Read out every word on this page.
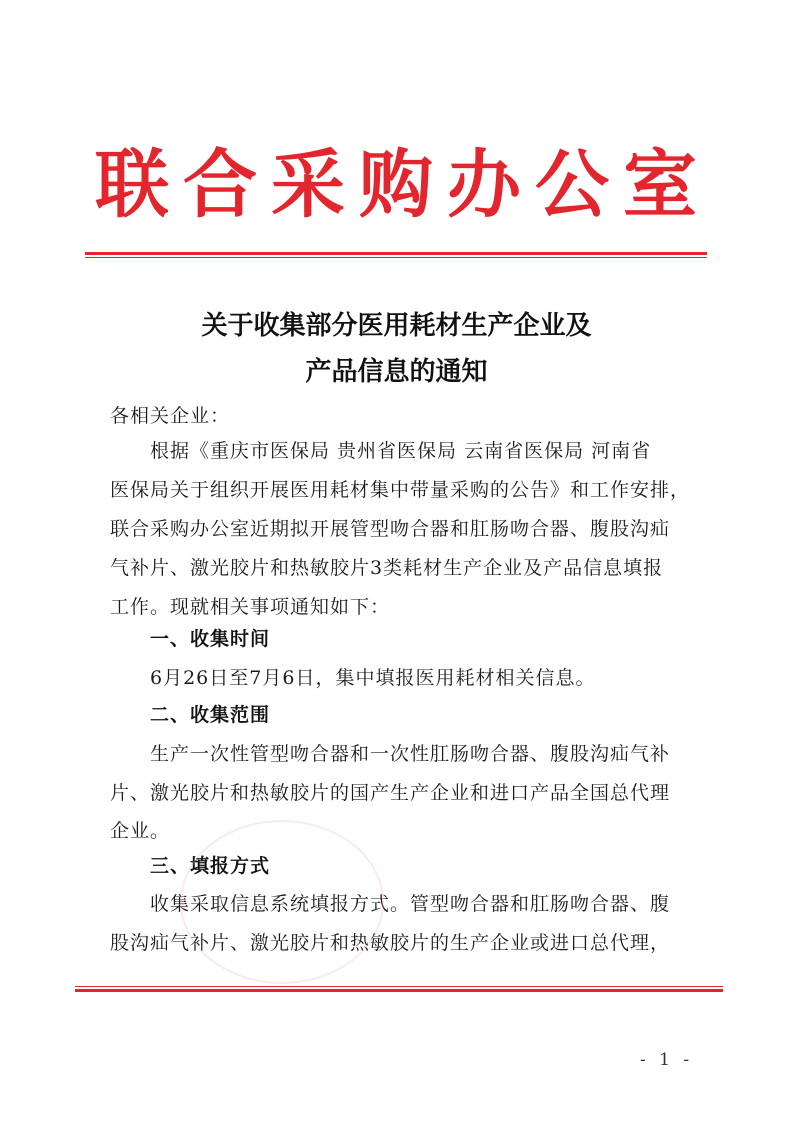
联合采购办公室
关于收集部分医用耗材生产企业及
产品信息的通知
各相关企业：
根据《重庆市医保局 贵州省医保局 云南省医保局 河南省
医保局关于组织开展医用耗材集中带量采购的公告》和工作安排，
联合采购办公室近期拟开展管型吻合器和肛肠吻合器、腹股沟疝
气补片、激光胶片和热敏胶片3类耗材生产企业及产品信息填报
工作。现就相关事项通知如下：
一、收集时间
6月26日至7月6日，集中填报医用耗材相关信息。
二、收集范围
生产一次性管型吻合器和一次性肛肠吻合器、腹股沟疝气补
片、激光胶片和热敏胶片的国产生产企业和进口产品全国总代理
企业。
三、填报方式
收集采取信息系统填报方式。管型吻合器和肛肠吻合器、腹
股沟疝气补片、激光胶片和热敏胶片的生产企业或进口总代理，
- 1 -
